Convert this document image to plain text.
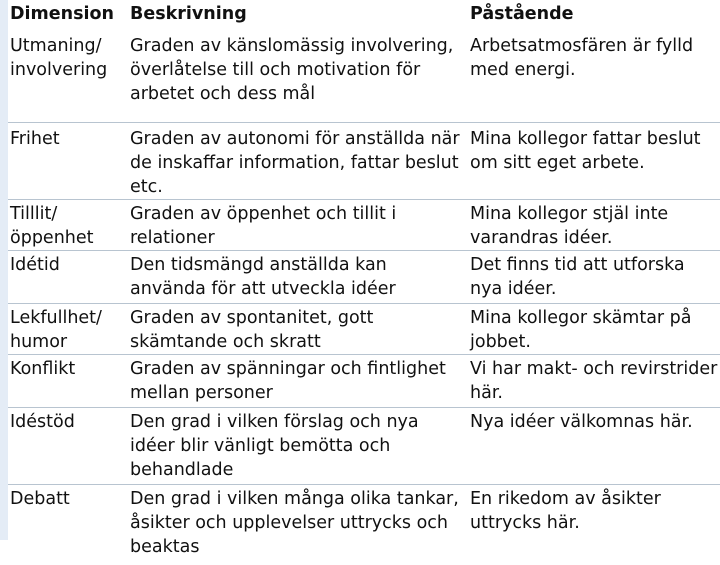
Dimension	Beskrivning	Påstående
Utmaning/ involvering	Graden av känslomässig involvering, överlåtelse till och motivation för arbetet och dess mål	Arbetsatmosfären är fylld med energi.
Frihet	Graden av autonomi för anställda när de inskaffar information, fattar beslut etc.	Mina kollegor fattar beslut om sitt eget arbete.
Tilllit/ öppenhet	Graden av öppenhet och tillit i relationer	Mina kollegor stjäl inte varandras idéer.
Idétid	Den tidsmängd anställda kan använda för att utveckla idéer	Det finns tid att utforska nya idéer.
Lekfullhet/ humor	Graden av spontanitet, gott skämtande och skratt	Mina kollegor skämtar på jobbet.
Konflikt	Graden av spänningar och fintlighet mellan personer	Vi har makt- och revirstrider här.
Idéstöd	Den grad i vilken förslag och nya idéer blir vänligt bemötta och behandlade	Nya idéer välkomnas här.
Debatt	Den grad i vilken många olika tankar, åsikter och upplevelser uttrycks och beaktas	En rikedom av åsikter uttrycks här.
